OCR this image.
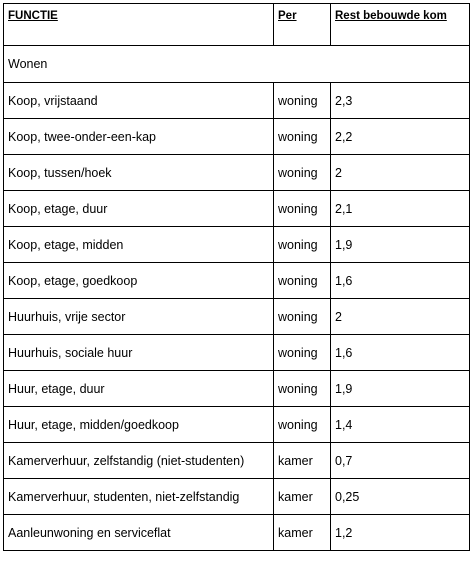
FUNCTIE	Per	Rest bebouwde kom
Wonen		
Koop, vrijstaand	woning	2,3
Koop, twee-onder-een-kap	woning	2,2
Koop, tussen/hoek	woning	2
Koop, etage, duur	woning	2,1
Koop, etage, midden	woning	1,9
Koop, etage, goedkoop	woning	1,6
Huurhuis, vrije sector	woning	2
Huurhuis, sociale huur	woning	1,6
Huur, etage, duur	woning	1,9
Huur, etage, midden/goedkoop	woning	1,4
Kamerverhuur, zelfstandig (niet-studenten)	kamer	0,7
Kamerverhuur, studenten, niet-zelfstandig	kamer	0,25
Aanleunwoning en serviceflat	kamer	1,2
